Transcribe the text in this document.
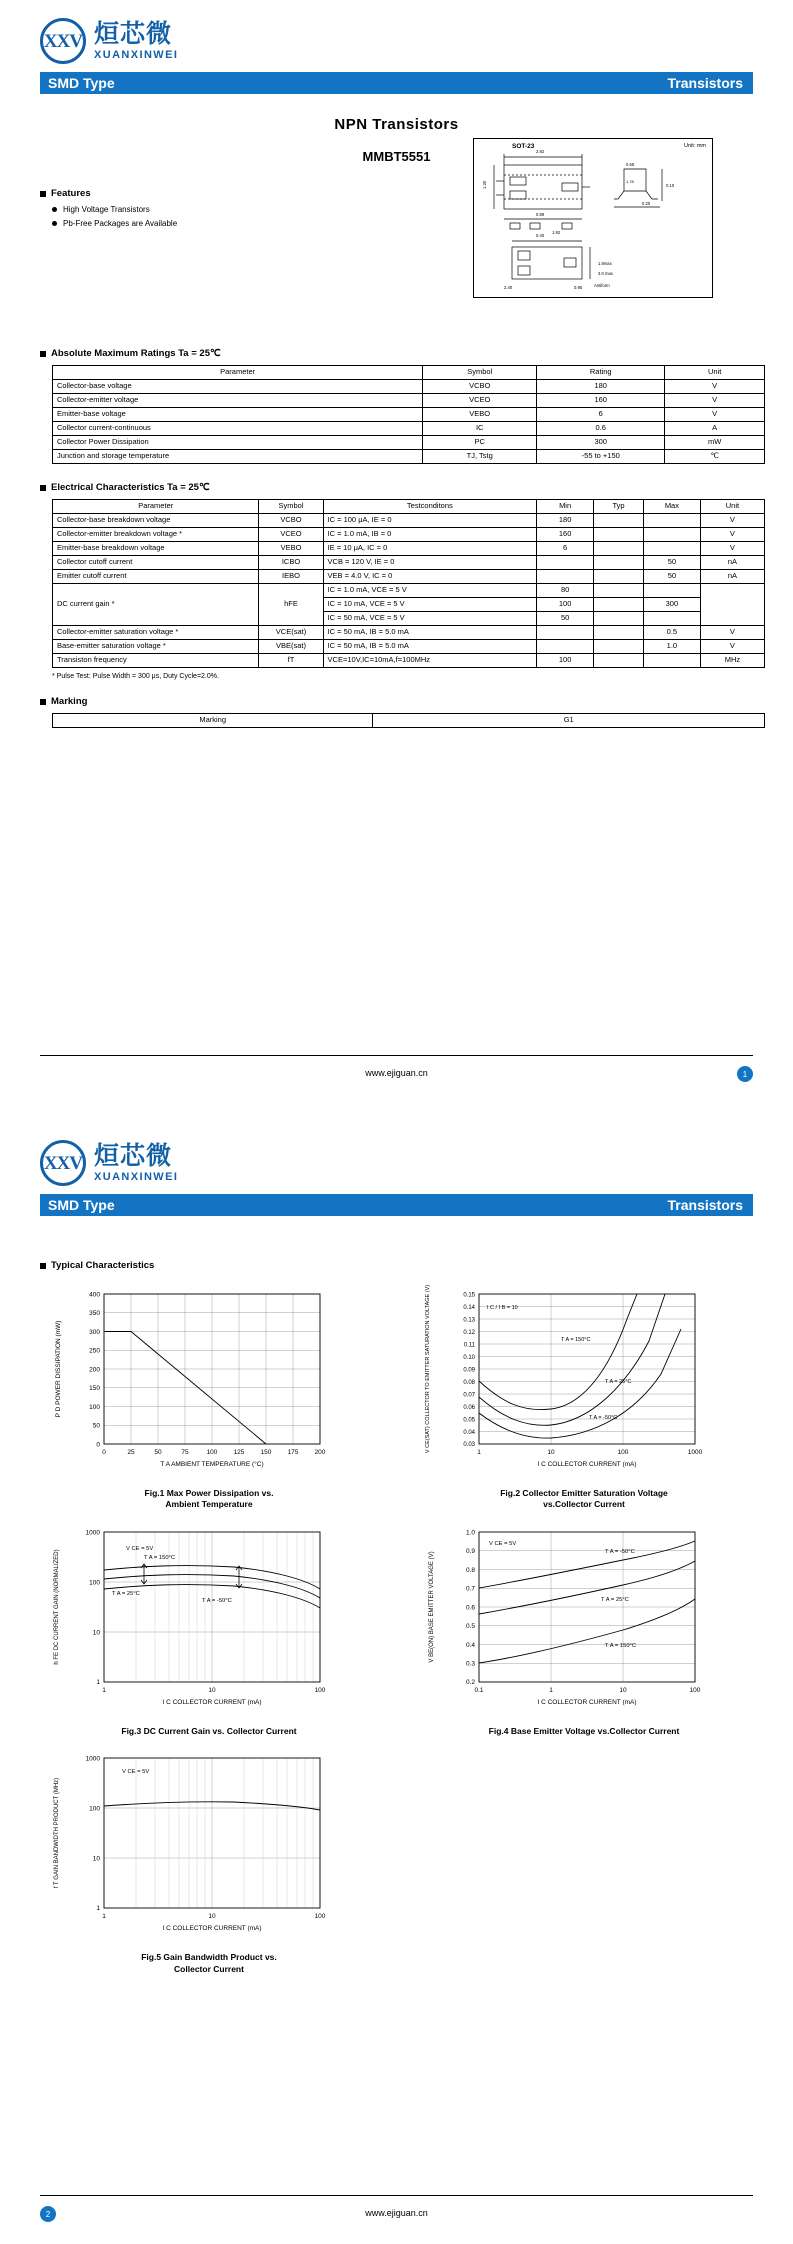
XXV 烜芯微
XUANXINWEI
SMD Type	Transistors
NPN Transistors
MMBT5551
Features
High Voltage Transistors
Pb-Free Packages are Available
SOT-23	Unit: mm
2.92
1.30
0.89
0.40
1.92
0.55
0.10
0.20
1.9max
3.0 max
Antiform
2.40	0.95
1.78
Absolute Maximum Ratings Ta = 25℃
Parameter	Symbol	Rating	Unit
Collector-base voltage	VCBO	180	V
Collector-emitter voltage	VCEO	160	V
Emitter-base voltage	VEBO	6	V
Collector current-continuous	IC	0.6	A
Collector Power Dissipation	PC	300	mW
Junction and storage temperature	TJ, Tstg	-55 to +150	℃
Electrical Characteristics Ta = 25℃
Parameter	Symbol	Testconditons	Min	Typ	Max	Unit
Collector-base breakdown voltage	VCBO	IC = 100 μA, IE = 0	180			V
Collector-emitter breakdown voltage *	VCEO	IC = 1.0 mA, IB = 0	160			V
Emitter-base breakdown voltage	VEBO	IE = 10 μA, IC = 0	6			V
Collector cutoff current	ICBO	VCB = 120 V, IE = 0			50	nA
Emitter cutoff current	IEBO	VEB = 4.0 V, IC = 0			50	nA
DC current gain *	hFE	IC = 1.0 mA, VCE = 5 V	80			
		IC = 10 mA, VCE = 5 V	100		300	
		IC = 50 mA, VCE = 5 V	50			
Collector-emitter saturation voltage *	VCE(sat)	IC = 50 mA, IB = 5.0 mA			0.5	V
Base-emitter saturation voltage *	VBE(sat)	IC = 50 mA, IB = 5.0 mA			1.0	V
Transiston frequency	fT	VCE=10V,IC=10mA,f=100MHz	100			MHz
* Pulse Test: Pulse Width = 300 μs, Duty Cycle=2.0%.
Marking
Marking	G1
www.ejiguan.cn	1
XXV 烜芯微
XUANXINWEI
SMD Type	Transistors
Typical Characteristics
0
50
100
150
200
250
300
350
400
0	25	50	75	100 125 150 175 200
T A AMBIENT TEMPERATURE (°C)
P D POWER DISSIPATION (mW)
Fig.1 Max Power Dissipation vs.
Ambient Temperature
0.15
0.14
0.13
0.12
0.11
0.10
0.09
0.08
0.07
0.06
0.05
0.04
0.03
1	10	100	1000
I C / I B = 10
T A = 150°C
T A = 25°C
T A = -50°C
I C COLLECTOR CURRENT (mA)
V CE(SAT) COLLECTOR TO EMITTER SATURATION VOLTAGE (V)
Fig.2 Collector Emitter Saturation Voltage
vs.Collector Current
1000
100
10
1
1	10	100
V CE = 5V
T A = 150°C
T A = 25°C
T A = -50°C
I C COLLECTOR CURRENT (mA)
h FE DC CURRENT GAIN (NORMALIZED)
Fig.3 DC Current Gain vs. Collector Current
1.0
0.9
0.8
0.7
0.6
0.5
0.4
0.3
0.2
0.1	1	10	100
V CE = 5V
T A = -50°C
T A = 25°C
T A = 150°C
I C COLLECTOR CURRENT (mA)
V BE(ON) BASE EMITTER VOLTAGE (V)
Fig.4 Base Emitter Voltage vs.Collector Current
1000
100
10
1
1	10	100
V CE = 5V
I C COLLECTOR CURRENT (mA)
f T GAIN BANDWIDTH PRODUCT (MHz)
Fig.5 Gain Bandwidth Product vs.
Collector Current
www.ejiguan.cn
2
